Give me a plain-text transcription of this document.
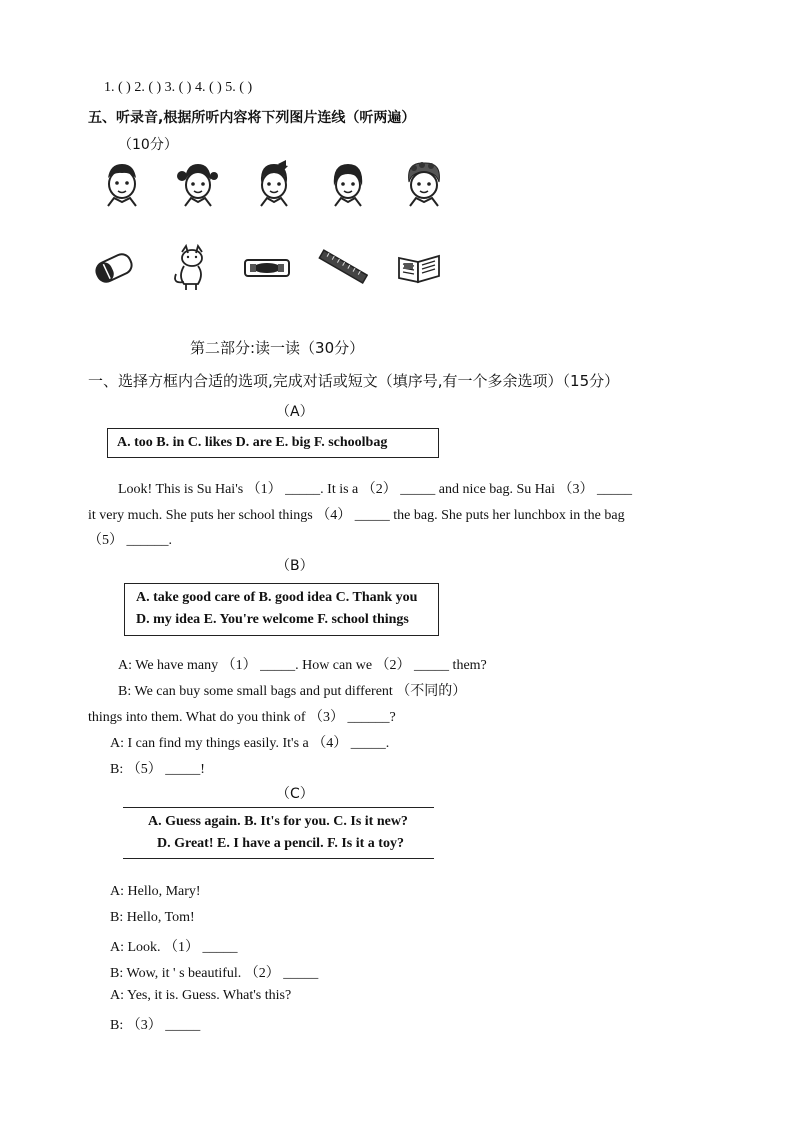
1. ( ) 2. ( ) 3. ( ) 4. ( ) 5. ( )
五、听录音,根据所听内容将下列图片连线（听两遍）
（10分）
第二部分:读一读（30分）
一、选择方框内合适的选项,完成对话或短文（填序号,有一个多余选项）（15分）
（A）
A. too B. in C. likes D. are E. big F. schoolbag
Look! This is Su Hai's （1） _____. It is a （2） _____ and nice bag. Su Hai （3） _____
it very much. She puts her school things （4） _____ the bag. She puts her lunchbox in the bag
（5） ______.
（B）
A. take good care of B. good idea C. Thank you
D. my idea E. You're welcome F. school things
A: We have many （1） _____. How can we （2） _____ them?
B: We can buy some small bags and put different （不同的）
things into them. What do you think of （3） ______?
A: I can find my things easily. It's a （4） _____.
B: （5） _____!
（C）
A. Guess again. B. It's for you. C. Is it new?
D. Great! E. I have a pencil. F. Is it a toy?
A: Hello, Mary!
B: Hello, Tom!
A: Look. （1） _____
B: Wow, it ' s beautiful. （2） _____
A: Yes, it is. Guess. What's this?
B: （3） _____
